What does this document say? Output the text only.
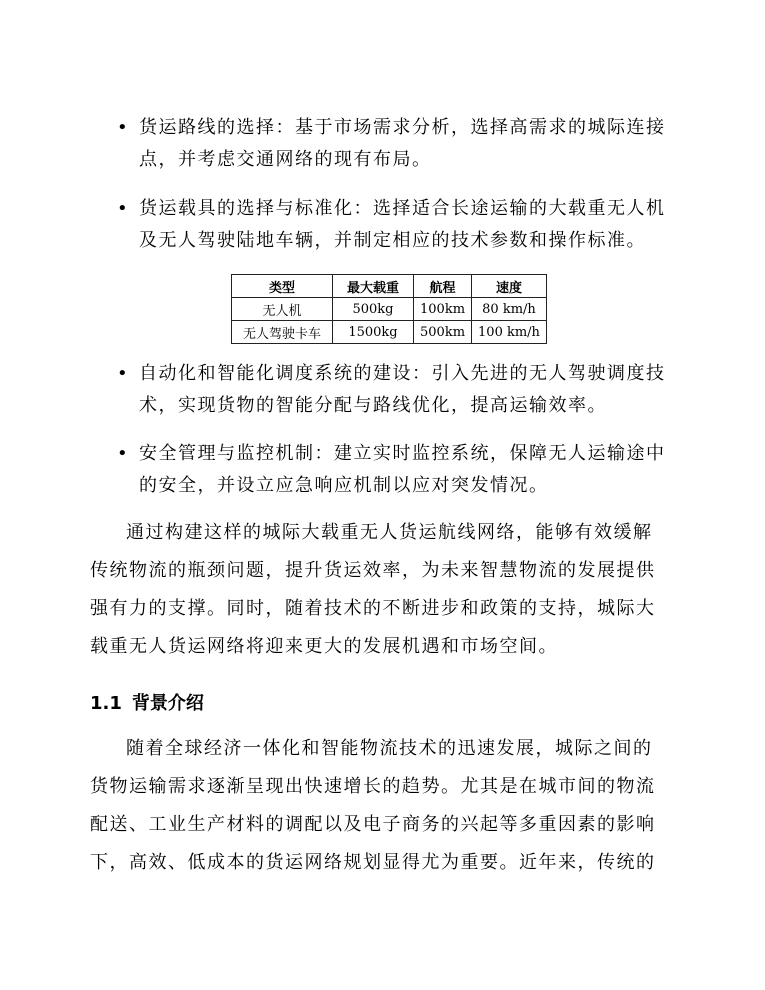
• 货运路线的选择：基于市场需求分析，选择高需求的城际连接
点，并考虑交通网络的现有布局。
• 货运载具的选择与标准化：选择适合长途运输的大载重无人机
及无人驾驶陆地车辆，并制定相应的技术参数和操作标准。
类型	最大载重	航程	速度
无人机	500kg	100km	80 km/h
无人驾驶卡车	1500kg	500km	100 km/h
• 自动化和智能化调度系统的建设：引入先进的无人驾驶调度技
术，实现货物的智能分配与路线优化，提高运输效率。
• 安全管理与监控机制：建立实时监控系统，保障无人运输途中
的安全，并设立应急响应机制以应对突发情况。
通过构建这样的城际大载重无人货运航线网络，能够有效缓解
传统物流的瓶颈问题，提升货运效率，为未来智慧物流的发展提供
强有力的支撑。同时，随着技术的不断进步和政策的支持，城际大
载重无人货运网络将迎来更大的发展机遇和市场空间。
1.1 背景介绍
随着全球经济一体化和智能物流技术的迅速发展，城际之间的
货物运输需求逐渐呈现出快速增长的趋势。尤其是在城市间的物流
配送、工业生产材料的调配以及电子商务的兴起等多重因素的影响
下，高效、低成本的货运网络规划显得尤为重要。近年来，传统的
